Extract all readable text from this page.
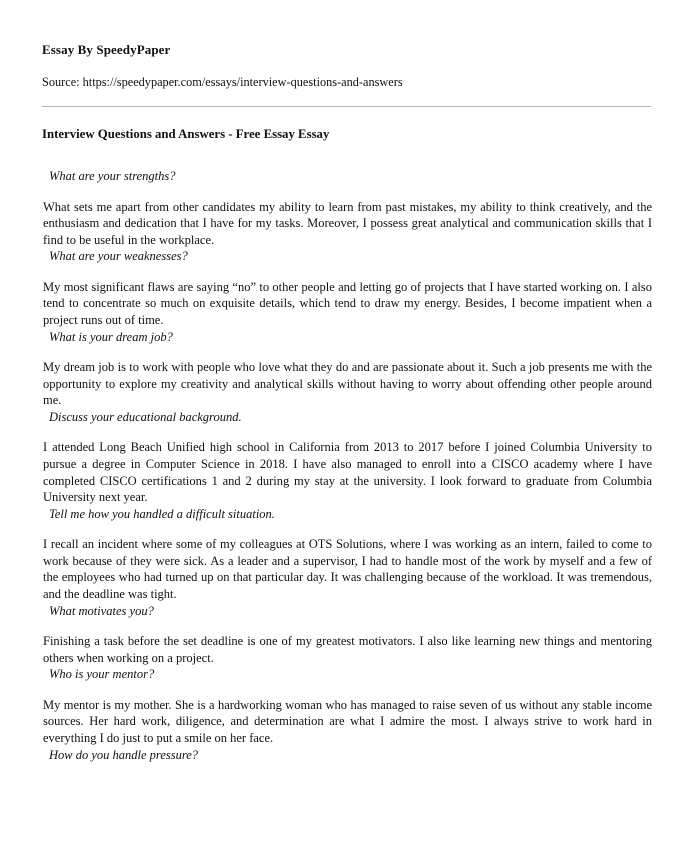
Essay By SpeedyPaper
Source: https://speedypaper.com/essays/interview-questions-and-answers
Interview Questions and Answers - Free Essay Essay

What are your strengths?

What sets me apart from other candidates my ability to learn from past mistakes, my ability to think creatively, and the enthusiasm and dedication that I have for my tasks. Moreover, I possess great analytical and communication skills that I find to be useful in the workplace.

What are your weaknesses?

My most significant flaws are saying “no” to other people and letting go of projects that I have started working on. I also tend to concentrate so much on exquisite details, which tend to draw my energy. Besides, I become impatient when a project runs out of time.

What is your dream job?

My dream job is to work with people who love what they do and are passionate about it. Such a job presents me with the opportunity to explore my creativity and analytical skills without having to worry about offending other people around me.

Discuss your educational background.

I attended Long Beach Unified high school in California from 2013 to 2017 before I joined Columbia University to pursue a degree in Computer Science in 2018. I have also managed to enroll into a CISCO academy where I have completed CISCO certifications 1 and 2 during my stay at the university. I look forward to graduate from Columbia University next year.

Tell me how you handled a difficult situation.

I recall an incident where some of my colleagues at OTS Solutions, where I was working as an intern, failed to come to work because of they were sick. As a leader and a supervisor, I had to handle most of the work by myself and a few of the employees who had turned up on that particular day. It was challenging because of the workload. It was tremendous, and the deadline was tight.

What motivates you?

Finishing a task before the set deadline is one of my greatest motivators. I also like learning new things and mentoring others when working on a project.

Who is your mentor?

My mentor is my mother. She is a hardworking woman who has managed to raise seven of us without any stable income sources. Her hard work, diligence, and determination are what I admire the most. I always strive to work hard in everything I do just to put a smile on her face.

How do you handle pressure?
